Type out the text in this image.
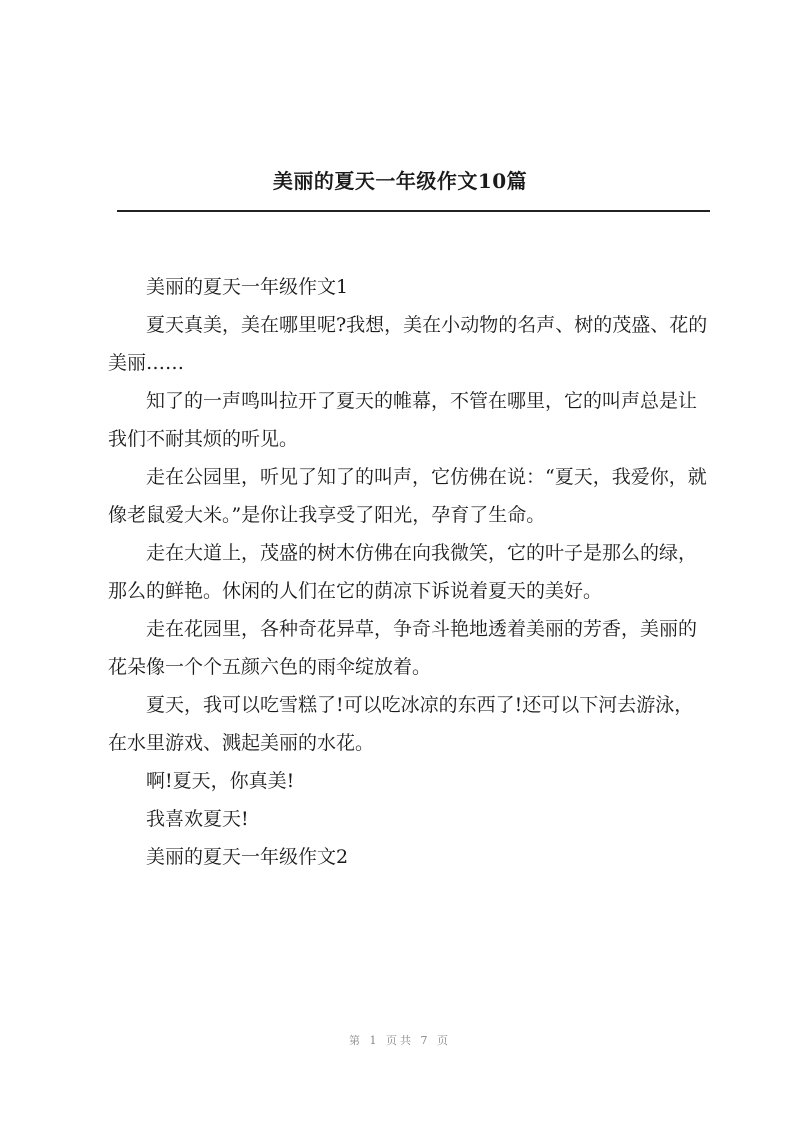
美丽的夏天一年级作文10篇

美丽的夏天一年级作文1

夏天真美，美在哪里呢?我想，美在小动物的名声、树的茂盛、花的美丽……

知了的一声鸣叫拉开了夏天的帷幕，不管在哪里，它的叫声总是让我们不耐其烦的听见。

走在公园里，听见了知了的叫声，它仿佛在说：“夏天，我爱你，就像老鼠爱大米。”是你让我享受了阳光，孕育了生命。

走在大道上，茂盛的树木仿佛在向我微笑，它的叶子是那么的绿，那么的鲜艳。休闲的人们在它的荫凉下诉说着夏天的美好。

走在花园里，各种奇花异草，争奇斗艳地透着美丽的芳香，美丽的花朵像一个个五颜六色的雨伞绽放着。

夏天，我可以吃雪糕了!可以吃冰凉的东西了!还可以下河去游泳，在水里游戏、溅起美丽的水花。

啊!夏天，你真美!

我喜欢夏天!

美丽的夏天一年级作文2

第 1 页共 7 页
